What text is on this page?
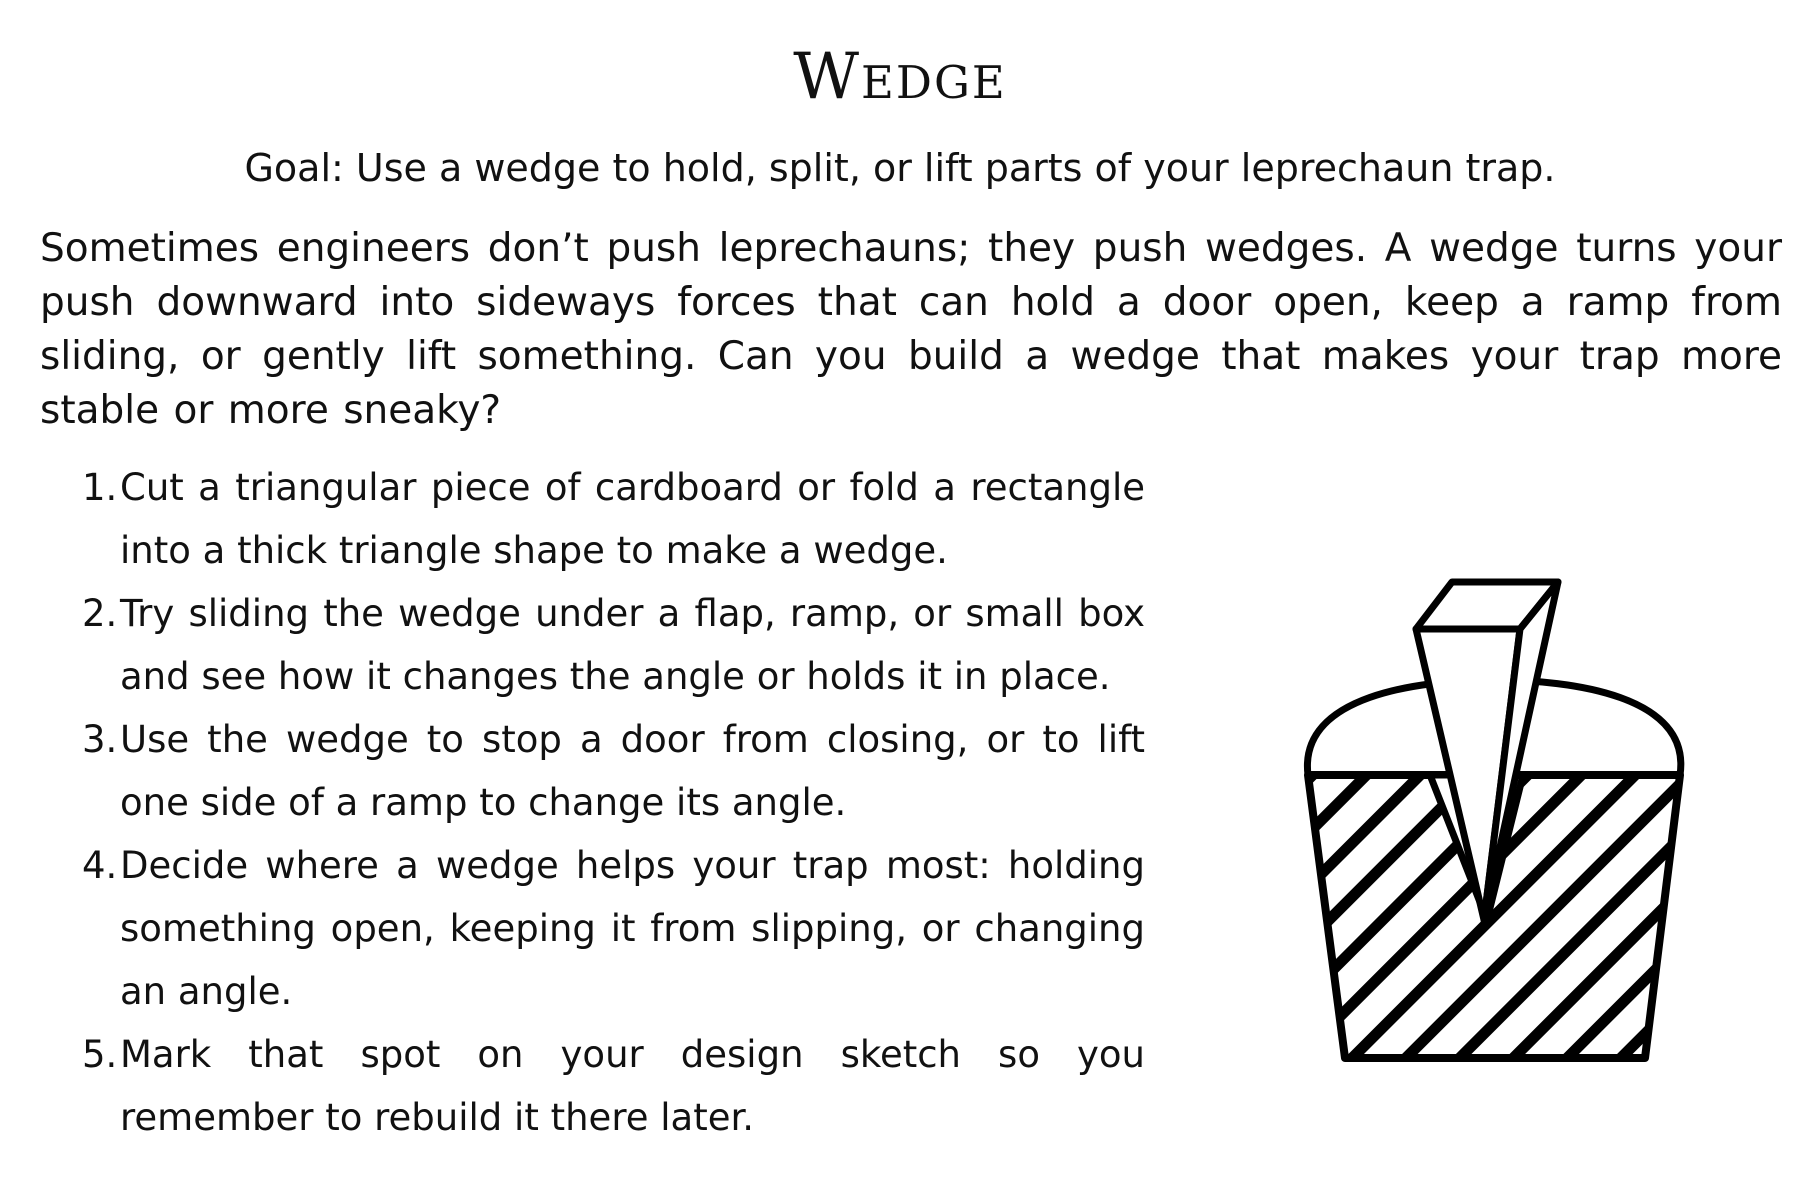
Wedge

Goal: Use a wedge to hold, split, or lift parts of your leprechaun trap.

Sometimes engineers don’t push leprechauns; they push wedges. A wedge turns your push downward into sideways forces that can hold a door open, keep a ramp from sliding, or gently lift something. Can you build a wedge that makes your trap more stable or more sneaky?

1. Cut a triangular piece of cardboard or fold a rectangle into a thick triangle shape to make a wedge.
2. Try sliding the wedge under a flap, ramp, or small box and see how it changes the angle or holds it in place.
3. Use the wedge to stop a door from closing, or to lift one side of a ramp to change its angle.
4. Decide where a wedge helps your trap most: holding something open, keeping it from slipping, or changing an angle.
5. Mark that spot on your design sketch so you remember to rebuild it there later.
